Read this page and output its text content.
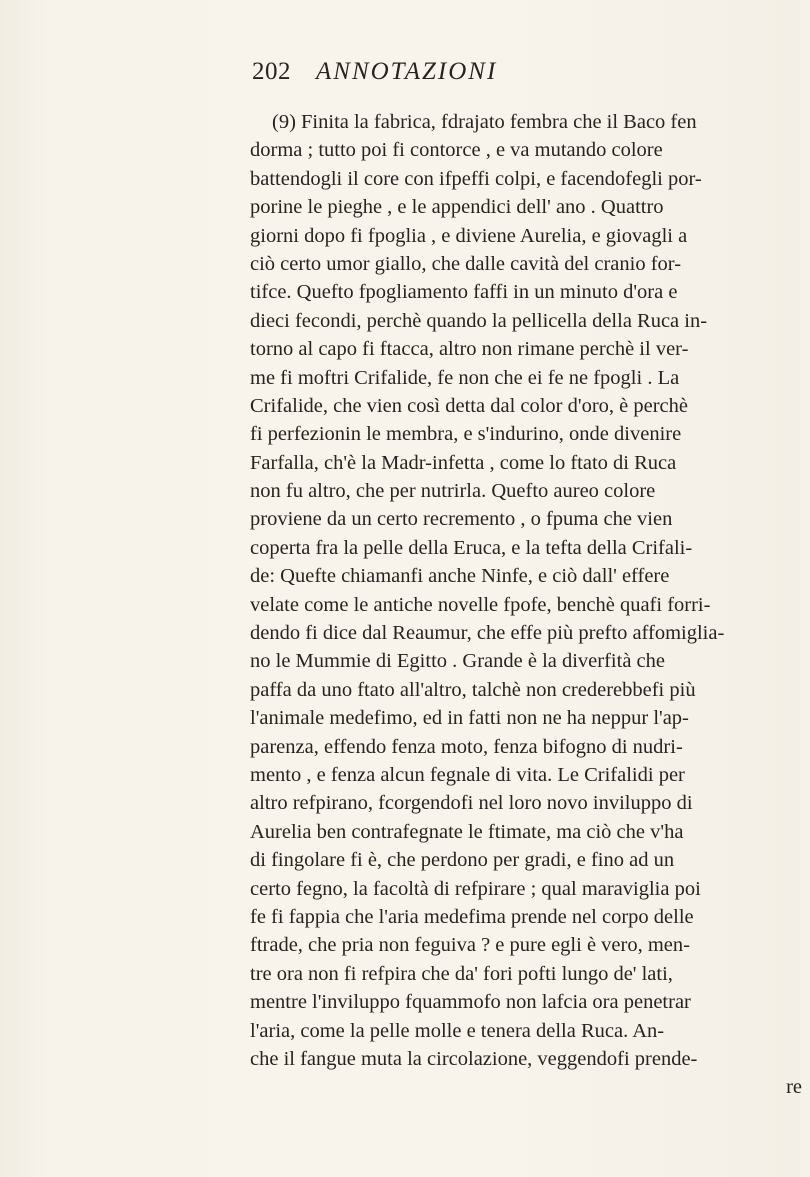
202 ANNOTAZIONI
(9) Finita la fabrica, fdrajato fembra che il Baco fen
dorma ; tutto poi fi contorce , e va mutando colore
battendogli il core con ifpeffi colpi, e facendofegli por-
porine le pieghe , e le appendici dell' ano . Quattro
giorni dopo fi fpoglia , e diviene Aurelia, e giovagli a
ciò certo umor giallo, che dalle cavità del cranio for-
tifce. Quefto fpogliamento faffi in un minuto d'ora e
dieci fecondi, perchè quando la pellicella della Ruca in-
torno al capo fi ftacca, altro non rimane perchè il ver-
me fi moftri Crifalide, fe non che ei fe ne fpogli . La
Crifalide, che vien così detta dal color d'oro, è perchè
fi perfezionin le membra, e s'indurino, onde divenire
Farfalla, ch'è la Madr-infetta , come lo ftato di Ruca
non fu altro, che per nutrirla. Quefto aureo colore
proviene da un certo recremento , o fpuma che vien
coperta fra la pelle della Eruca, e la tefta della Crifali-
de: Quefte chiamanfi anche Ninfe, e ciò dall' effere
velate come le antiche novelle fpofe, benchè quafi forri-
dendo fi dice dal Reaumur, che effe più prefto affomiglia-
no le Mummie di Egitto . Grande è la diverfità che
paffa da uno ftato all'altro, talchè non crederebbefi più
l'animale medefimo, ed in fatti non ne ha neppur l'ap-
parenza, effendo fenza moto, fenza bifogno di nudri-
mento , e fenza alcun fegnale di vita. Le Crifalidi per
altro refpirano, fcorgendofi nel loro novo inviluppo di
Aurelia ben contrafegnate le ftimate, ma ciò che v'ha
di fingolare fi è, che perdono per gradi, e fino ad un
certo fegno, la facoltà di refpirare ; qual maraviglia poi
fe fi fappia che l'aria medefima prende nel corpo delle
ftrade, che pria non feguiva ? e pure egli è vero, men-
tre ora non fi refpira che da' fori pofti lungo de' lati,
mentre l'inviluppo fquammofo non lafcia ora penetrar
l'aria, come la pelle molle e tenera della Ruca. An-
che il fangue muta la circolazione, veggendofi prende-
re
